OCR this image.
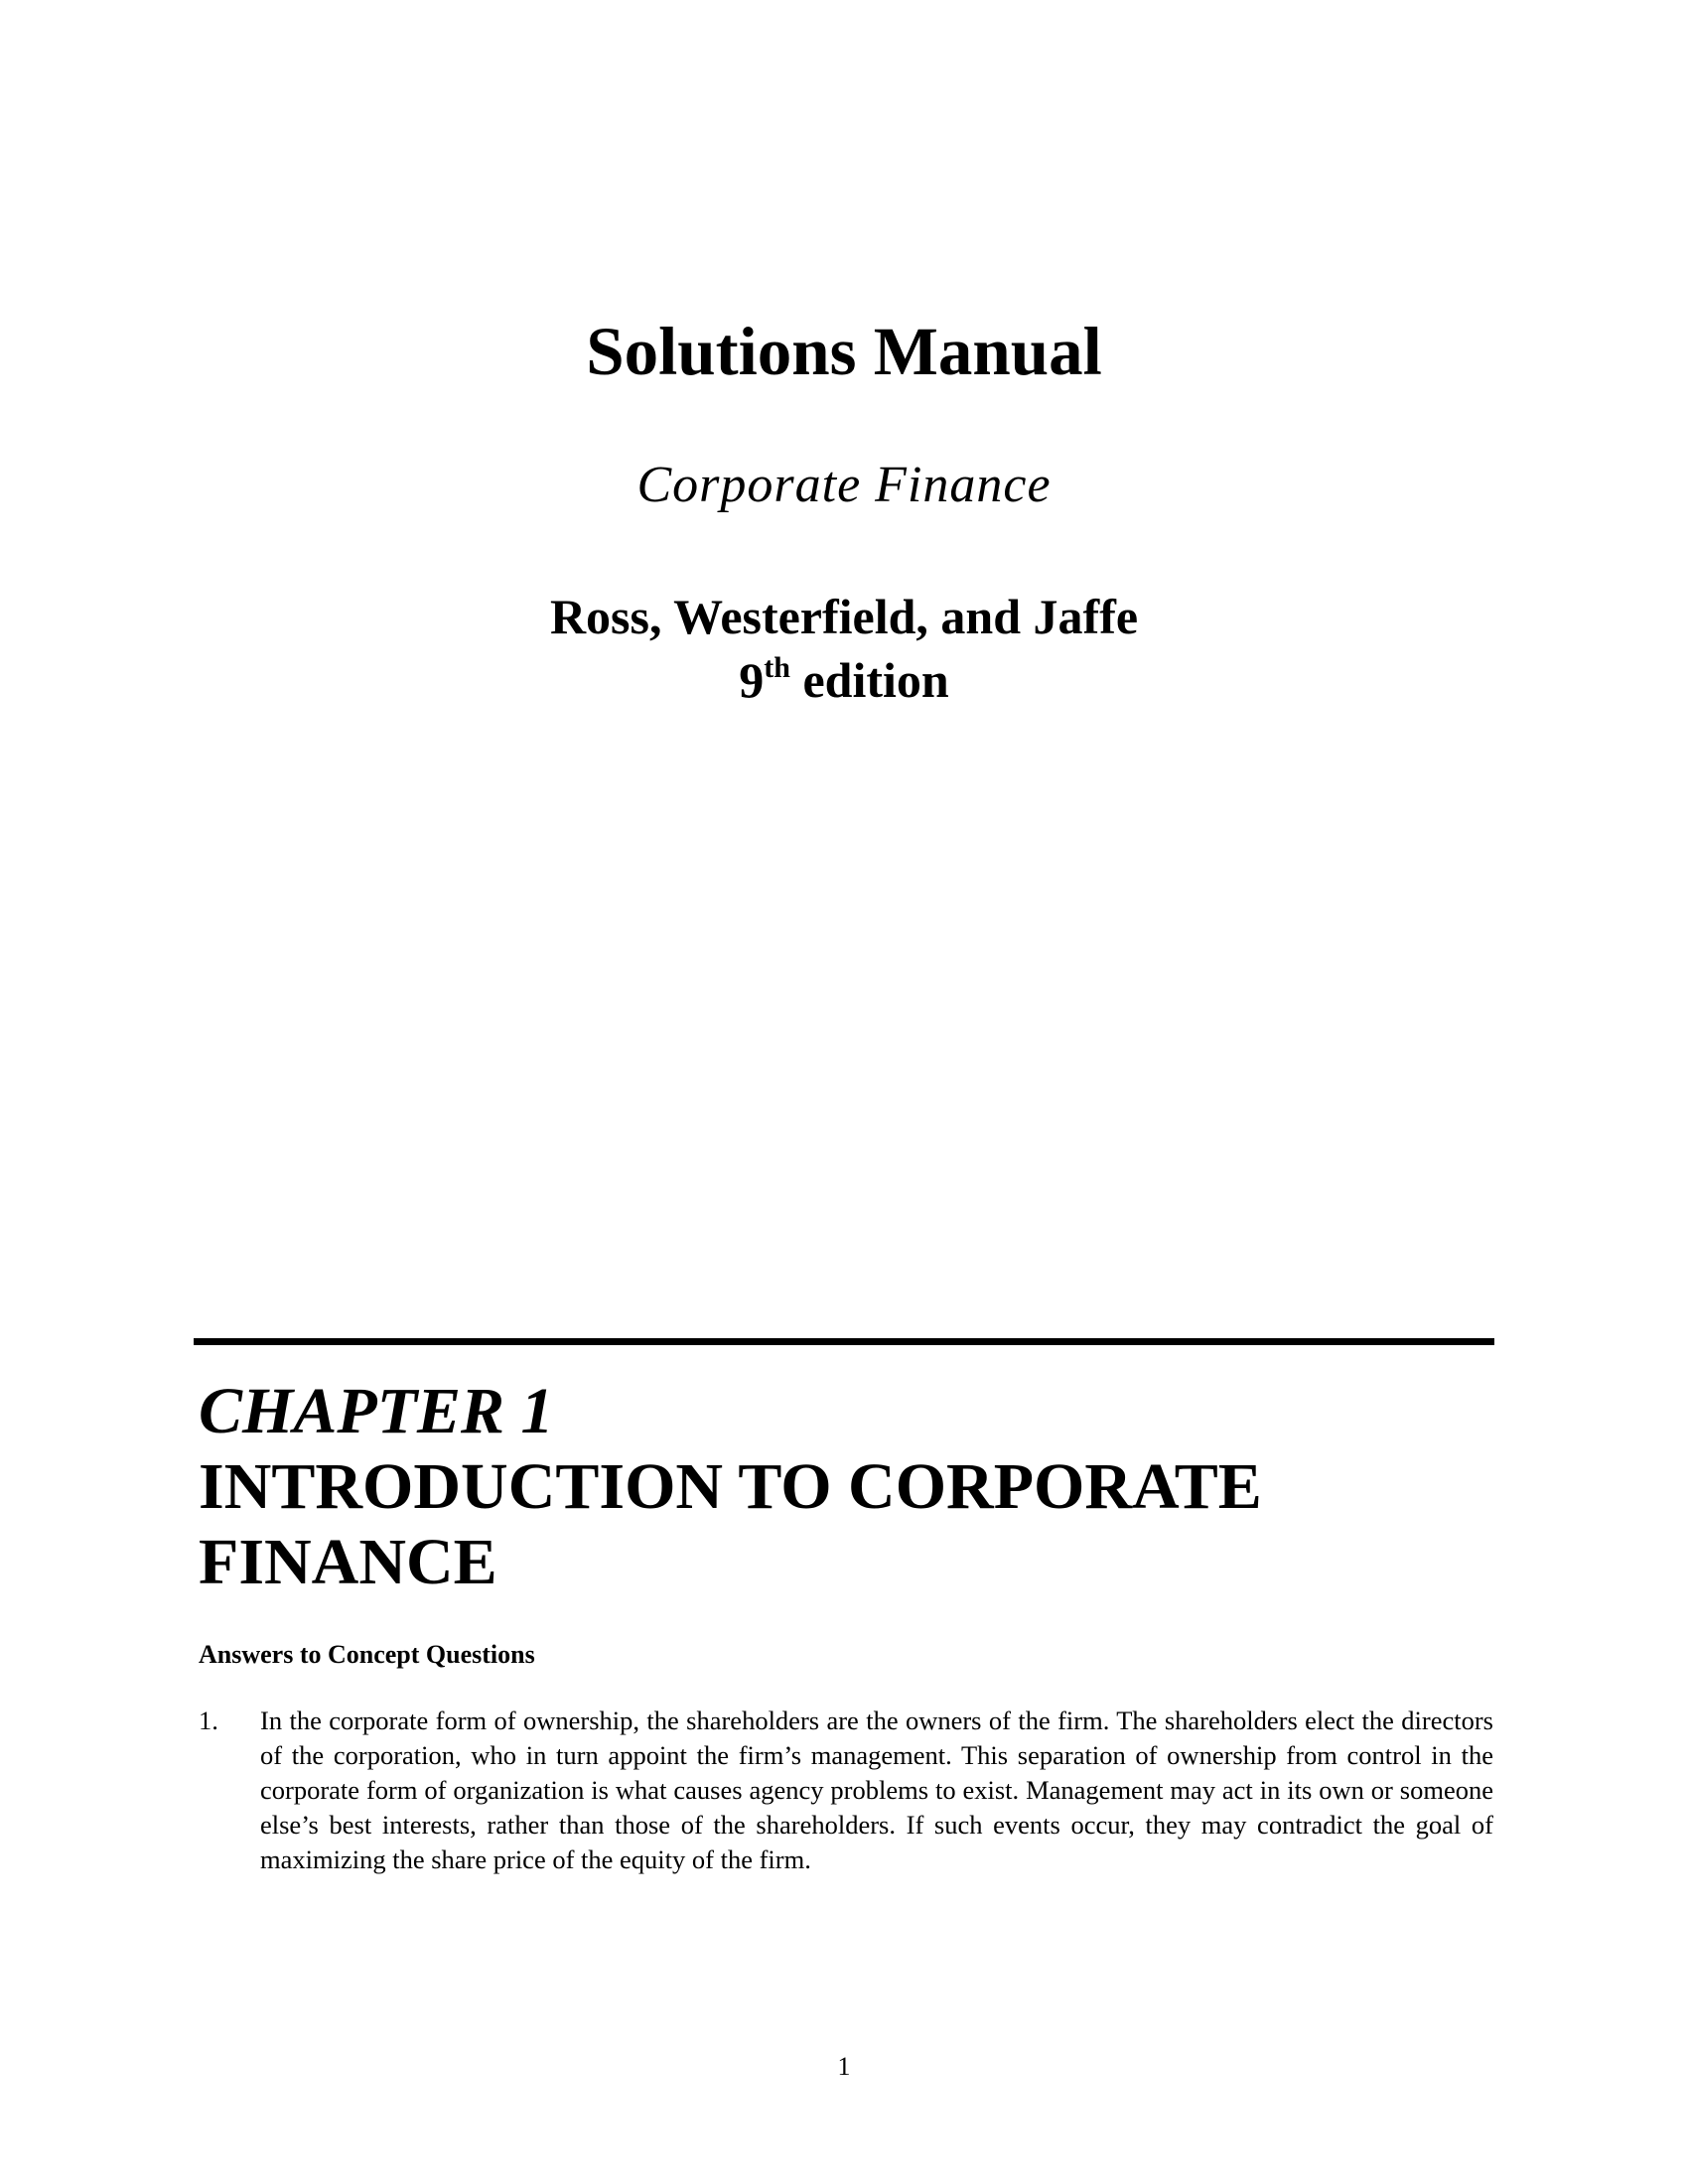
Solutions Manual
Corporate Finance
Ross, Westerfield, and Jaffe
9th edition
CHAPTER 1
INTRODUCTION TO CORPORATE FINANCE
Answers to Concept Questions
1. In the corporate form of ownership, the shareholders are the owners of the firm. The shareholders elect the directors of the corporation, who in turn appoint the firm’s management. This separation of ownership from control in the corporate form of organization is what causes agency problems to exist. Management may act in its own or someone else’s best interests, rather than those of the shareholders. If such events occur, they may contradict the goal of maximizing the share price of the equity of the firm.

1
